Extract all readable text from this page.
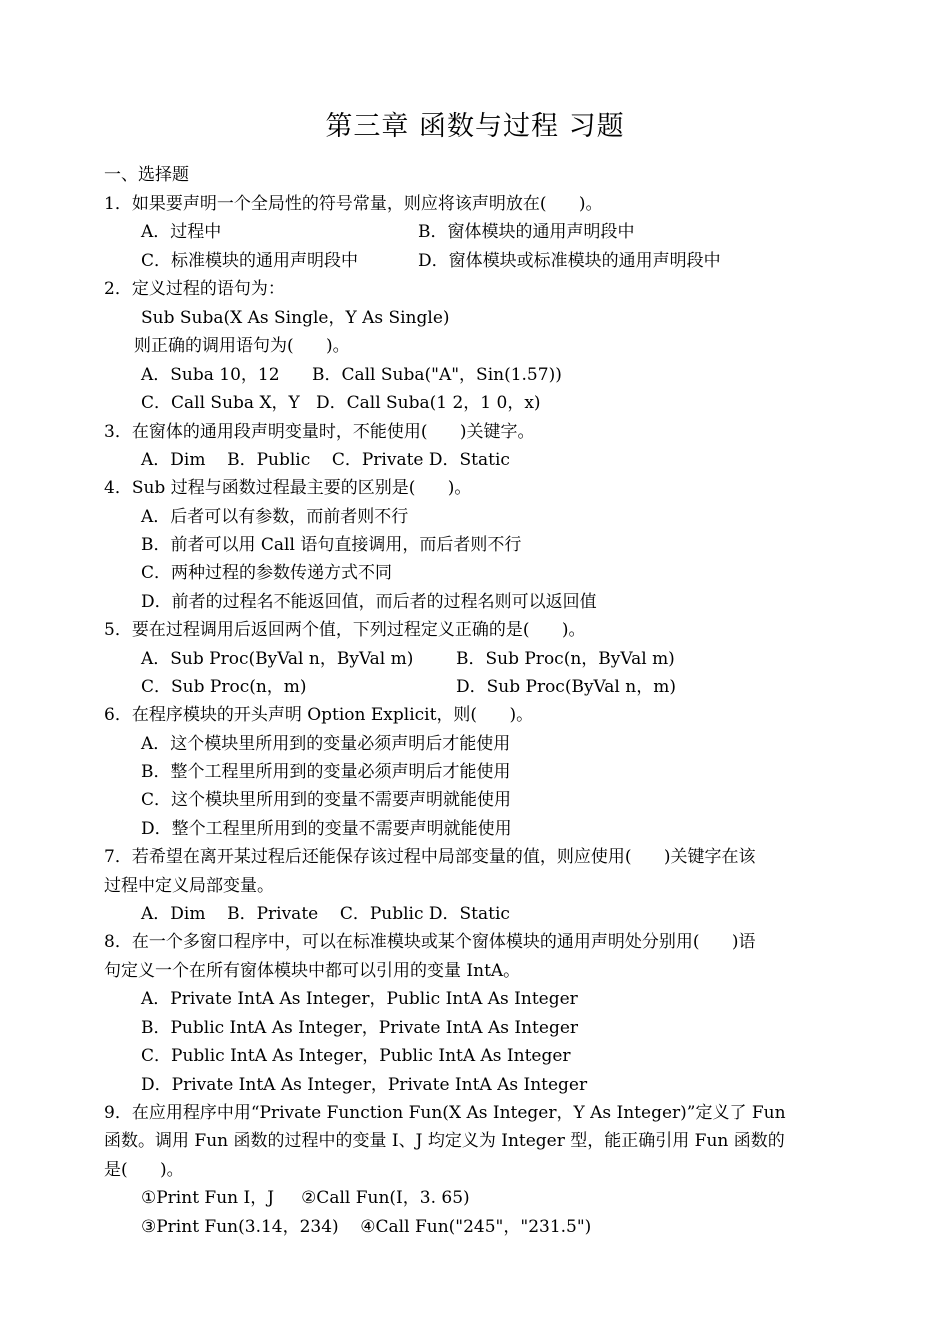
第三章 函数与过程 习题
一、选择题
1．如果要声明一个全局性的符号常量，则应将该声明放在(      )。
A．过程中	B．窗体模块的通用声明段中
C．标准模块的通用声明段中	D．窗体模块或标准模块的通用声明段中
2．定义过程的语句为：
Sub Suba(X As Single，Y As Single)
则正确的调用语句为(      )。
A．Suba 10，12      B．Call Suba("A"，Sin(1.57))
C．Call Suba X，Y   D．Call Suba(1 2，1 0，x)
3．在窗体的通用段声明变量时，不能使用(      )关键字。
A．Dim    B．Public    C．Private D．Static
4．Sub 过程与函数过程最主要的区别是(      )。
A．后者可以有参数，而前者则不行
B．前者可以用 Call 语句直接调用，而后者则不行
C．两种过程的参数传递方式不同
D．前者的过程名不能返回值，而后者的过程名则可以返回值
5．要在过程调用后返回两个值，下列过程定义正确的是(      )。
A．Sub Proc(ByVal n，ByVal m)	B．Sub Proc(n，ByVal m)
C．Sub Proc(n，m)	D．Sub Proc(ByVal n，m)
6．在程序模块的开头声明 Option Explicit，则(      )。
A．这个模块里所用到的变量必须声明后才能使用
B．整个工程里所用到的变量必须声明后才能使用
C．这个模块里所用到的变量不需要声明就能使用
D．整个工程里所用到的变量不需要声明就能使用
7．若希望在离开某过程后还能保存该过程中局部变量的值，则应使用(      )关键字在该
过程中定义局部变量。
A．Dim    B．Private    C．Public D．Static
8．在一个多窗口程序中，可以在标准模块或某个窗体模块的通用声明处分别用(      )语
句定义一个在所有窗体模块中都可以引用的变量 IntA。
A．Private IntA As Integer，Public IntA As Integer
B．Public IntA As Integer，Private IntA As Integer
C．Public IntA As Integer，Public IntA As Integer
D．Private IntA As Integer，Private IntA As Integer
9．在应用程序中用“Private Function Fun(X As Integer，Y As Integer)”定义了 Fun
函数。调用 Fun 函数的过程中的变量 I、J 均定义为 Integer 型，能正确引用 Fun 函数的
是(      )。
①Print Fun I，J     ②Call Fun(I，3. 65)
③Print Fun(3.14，234)    ④Call Fun("245"，"231.5")
